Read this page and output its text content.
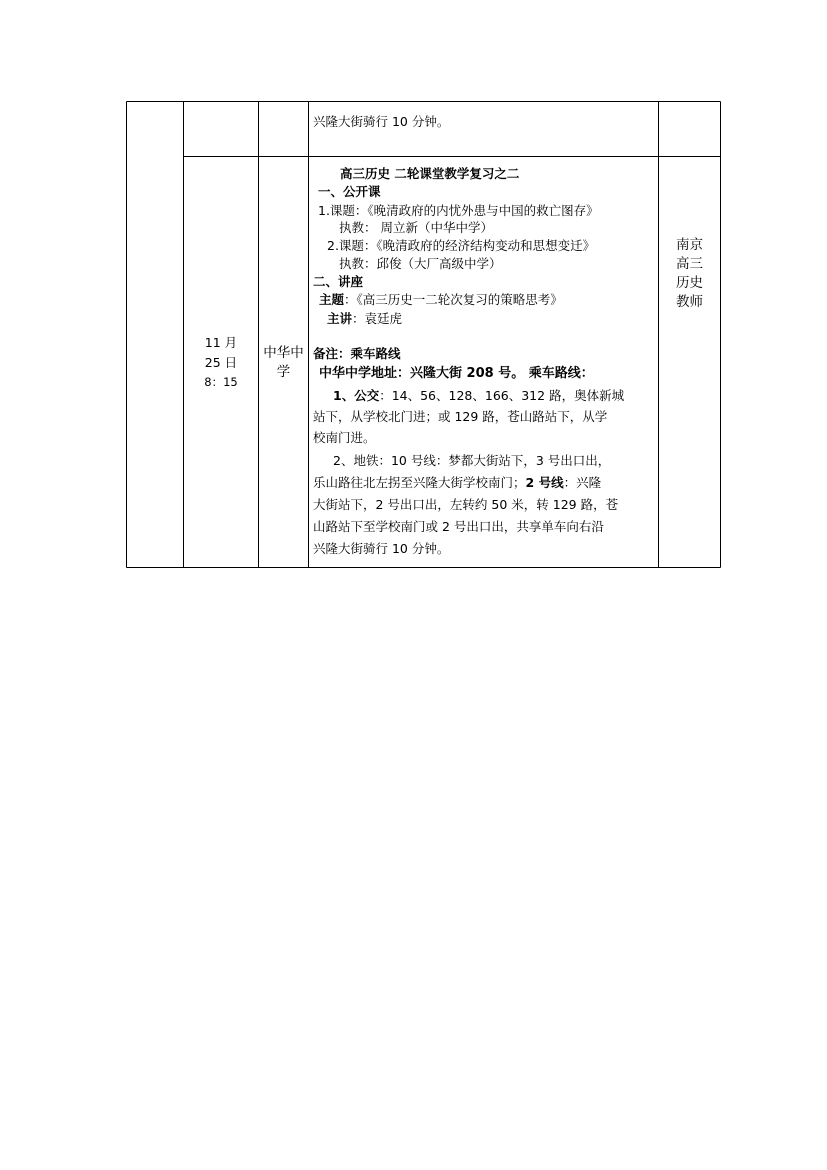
兴隆大街骑行 10 分钟。
11 月
25 日
8：15
中华中
学
高三历史 二轮课堂教学复习之二
一、公开课
1.课题：《晚清政府的内忧外患与中国的救亡图存》
执教： 周立新（中华中学）
2.课题：《晚清政府的经济结构变动和思想变迁》
执教：邱俊（大厂高级中学）
二、讲座
主题：《高三历史一二轮次复习的策略思考》
主讲：袁廷虎
备注：乘车路线
中华中学地址：兴隆大街 208 号。 乘车路线：
1、公交：14、56、128、166、312 路，奥体新城
站下，从学校北门进；或 129 路，苍山路站下，从学
校南门进。
2、地铁：10 号线：梦都大街站下，3 号出口出，
乐山路往北左拐至兴隆大街学校南门；2 号线：兴隆
大街站下，2 号出口出，左转约 50 米，转 129 路，苍
山路站下至学校南门或 2 号出口出，共享单车向右沿
兴隆大街骑行 10 分钟。
南京
高三
历史
教师
